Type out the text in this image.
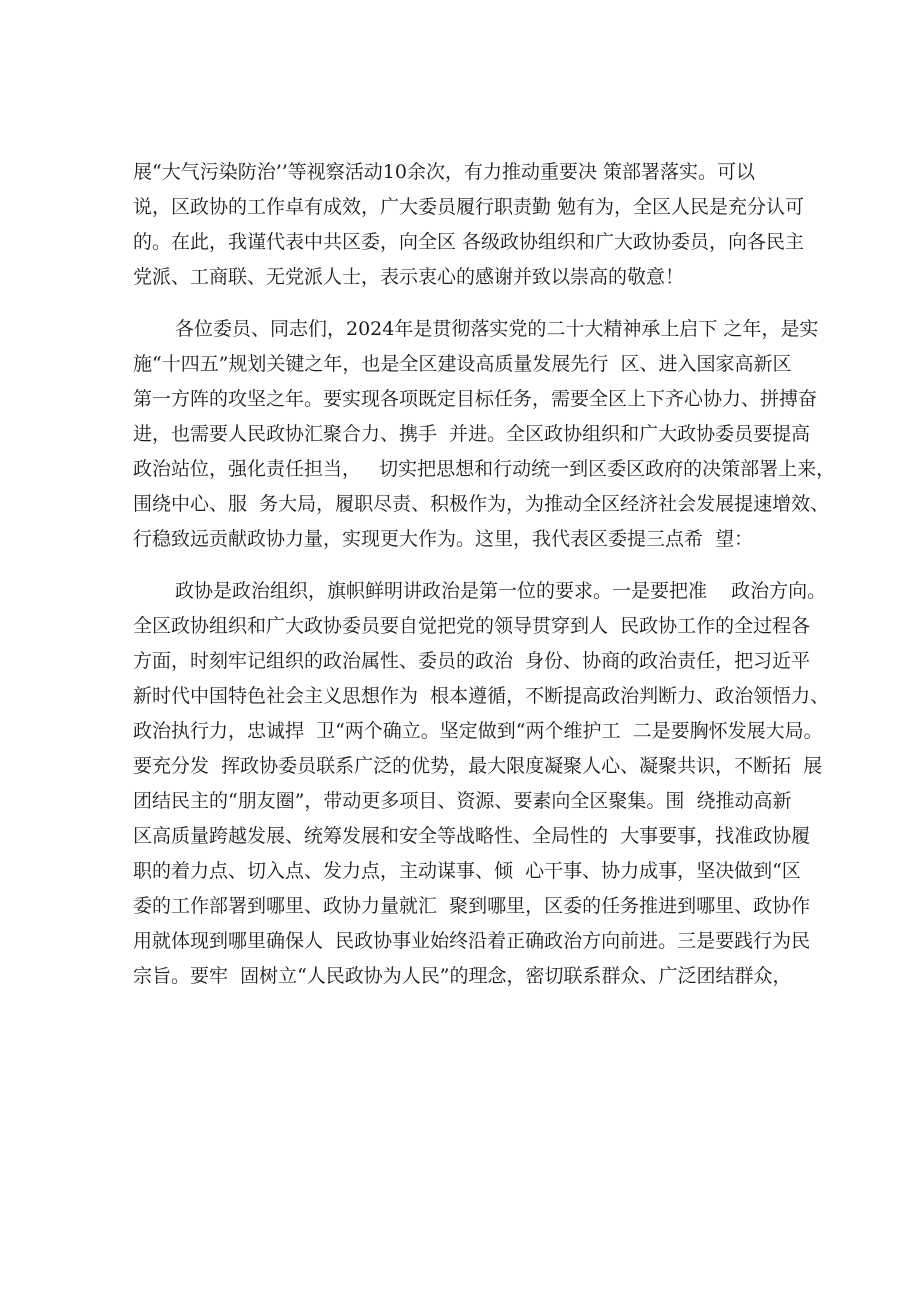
展“大气污染防治’’等视察活动10余次，有力推动重要决 策部署落实。可以
说，区政协的工作卓有成效，广大委员履行职责勤 勉有为，全区人民是充分认可
的。在此，我谨代表中共区委，向全区 各级政协组织和广大政协委员，向各民主
党派、工商联、无党派人士，表示衷心的感谢并致以崇高的敬意！
各位委员、同志们，2024年是贯彻落实党的二十大精神承上启下 之年，是实
施“十四五”规划关键之年，也是全区建设高质量发展先行  区、进入国家高新区
第一方阵的攻坚之年。要实现各项既定目标任务，需要全区上下齐心协力、拼搏奋
进，也需要人民政协汇聚合力、携手  并进。全区政协组织和广大政协委员要提高
政治站位，强化责任担当，   切实把思想和行动统一到区委区政府的决策部署上来，
围绕中心、服  务大局，履职尽责、积极作为，为推动全区经济社会发展提速增效、
行稳致远贡献政协力量，实现更大作为。这里，我代表区委提三点希  望：
政协是政治组织，旗帜鲜明讲政治是第一位的要求。一是要把准    政治方向。
全区政协组织和广大政协委员要自觉把党的领导贯穿到人  民政协工作的全过程各
方面，时刻牢记组织的政治属性、委员的政治  身份、协商的政治责任，把习近平
新时代中国特色社会主义思想作为  根本遵循，不断提高政治判断力、政治领悟力、
政治执行力，忠诚捍  卫“两个确立。坚定做到“两个维护工  二是要胸怀发展大局。
要充分发  挥政协委员联系广泛的优势，最大限度凝聚人心、凝聚共识，不断拓  展
团结民主的“朋友圈”，带动更多项目、资源、要素向全区聚集。围  绕推动高新
区高质量跨越发展、统筹发展和安全等战略性、全局性的  大事要事，找准政协履
职的着力点、切入点、发力点，主动谋事、倾  心干事、协力成事，坚决做到“区
委的工作部署到哪里、政协力量就汇  聚到哪里，区委的任务推进到哪里、政协作
用就体现到哪里确保人  民政协事业始终沿着正确政治方向前进。三是要践行为民
宗旨。要牢  固树立“人民政协为人民”的理念，密切联系群众、广泛团结群众，
